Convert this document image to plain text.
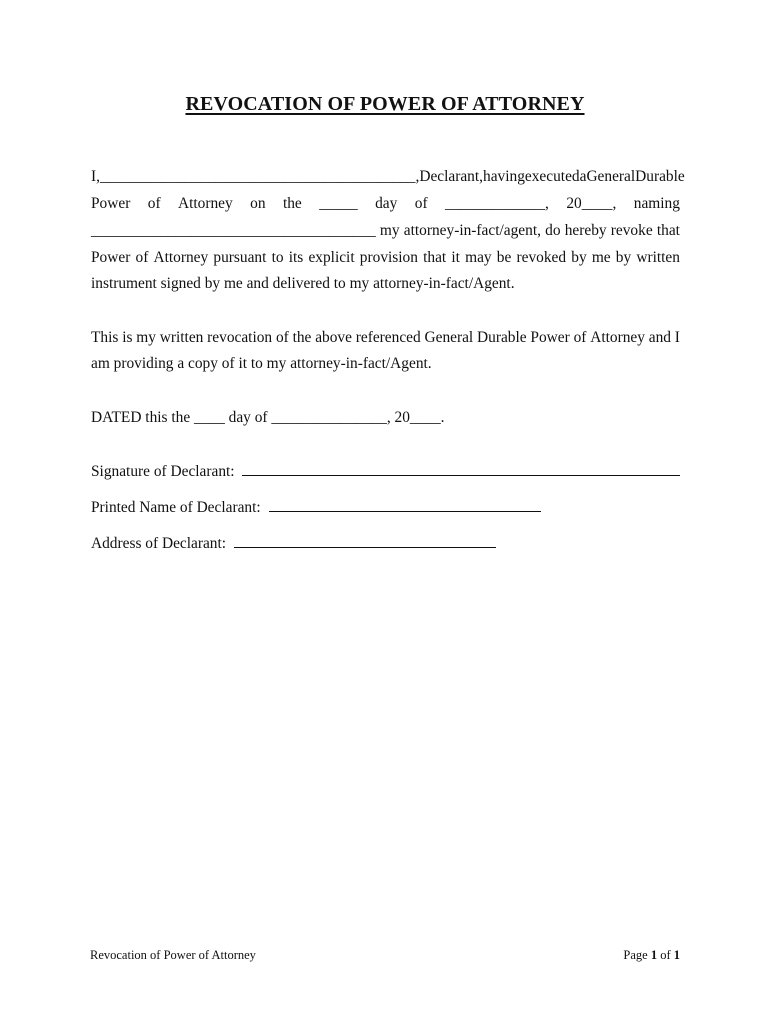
REVOCATION OF POWER OF ATTORNEY
I, _________________________________________, Declarant, having executed a General Durable
Power of Attorney on the _____ day of _____________, 20____, naming
_____________________________________ my attorney-in-fact/agent, do hereby revoke that
Power of Attorney pursuant to its explicit provision that it may be revoked by me by written
instrument signed by me and delivered to my attorney-in-fact/Agent.
This is my written revocation of the above referenced General Durable Power of Attorney and I
am providing a copy of it to my attorney-in-fact/Agent.
DATED this the ____ day of _______________, 20____.
Signature of Declarant:
Printed Name of Declarant:
Address of Declarant:
Revocation of Power of Attorney	Page 1 of 1
